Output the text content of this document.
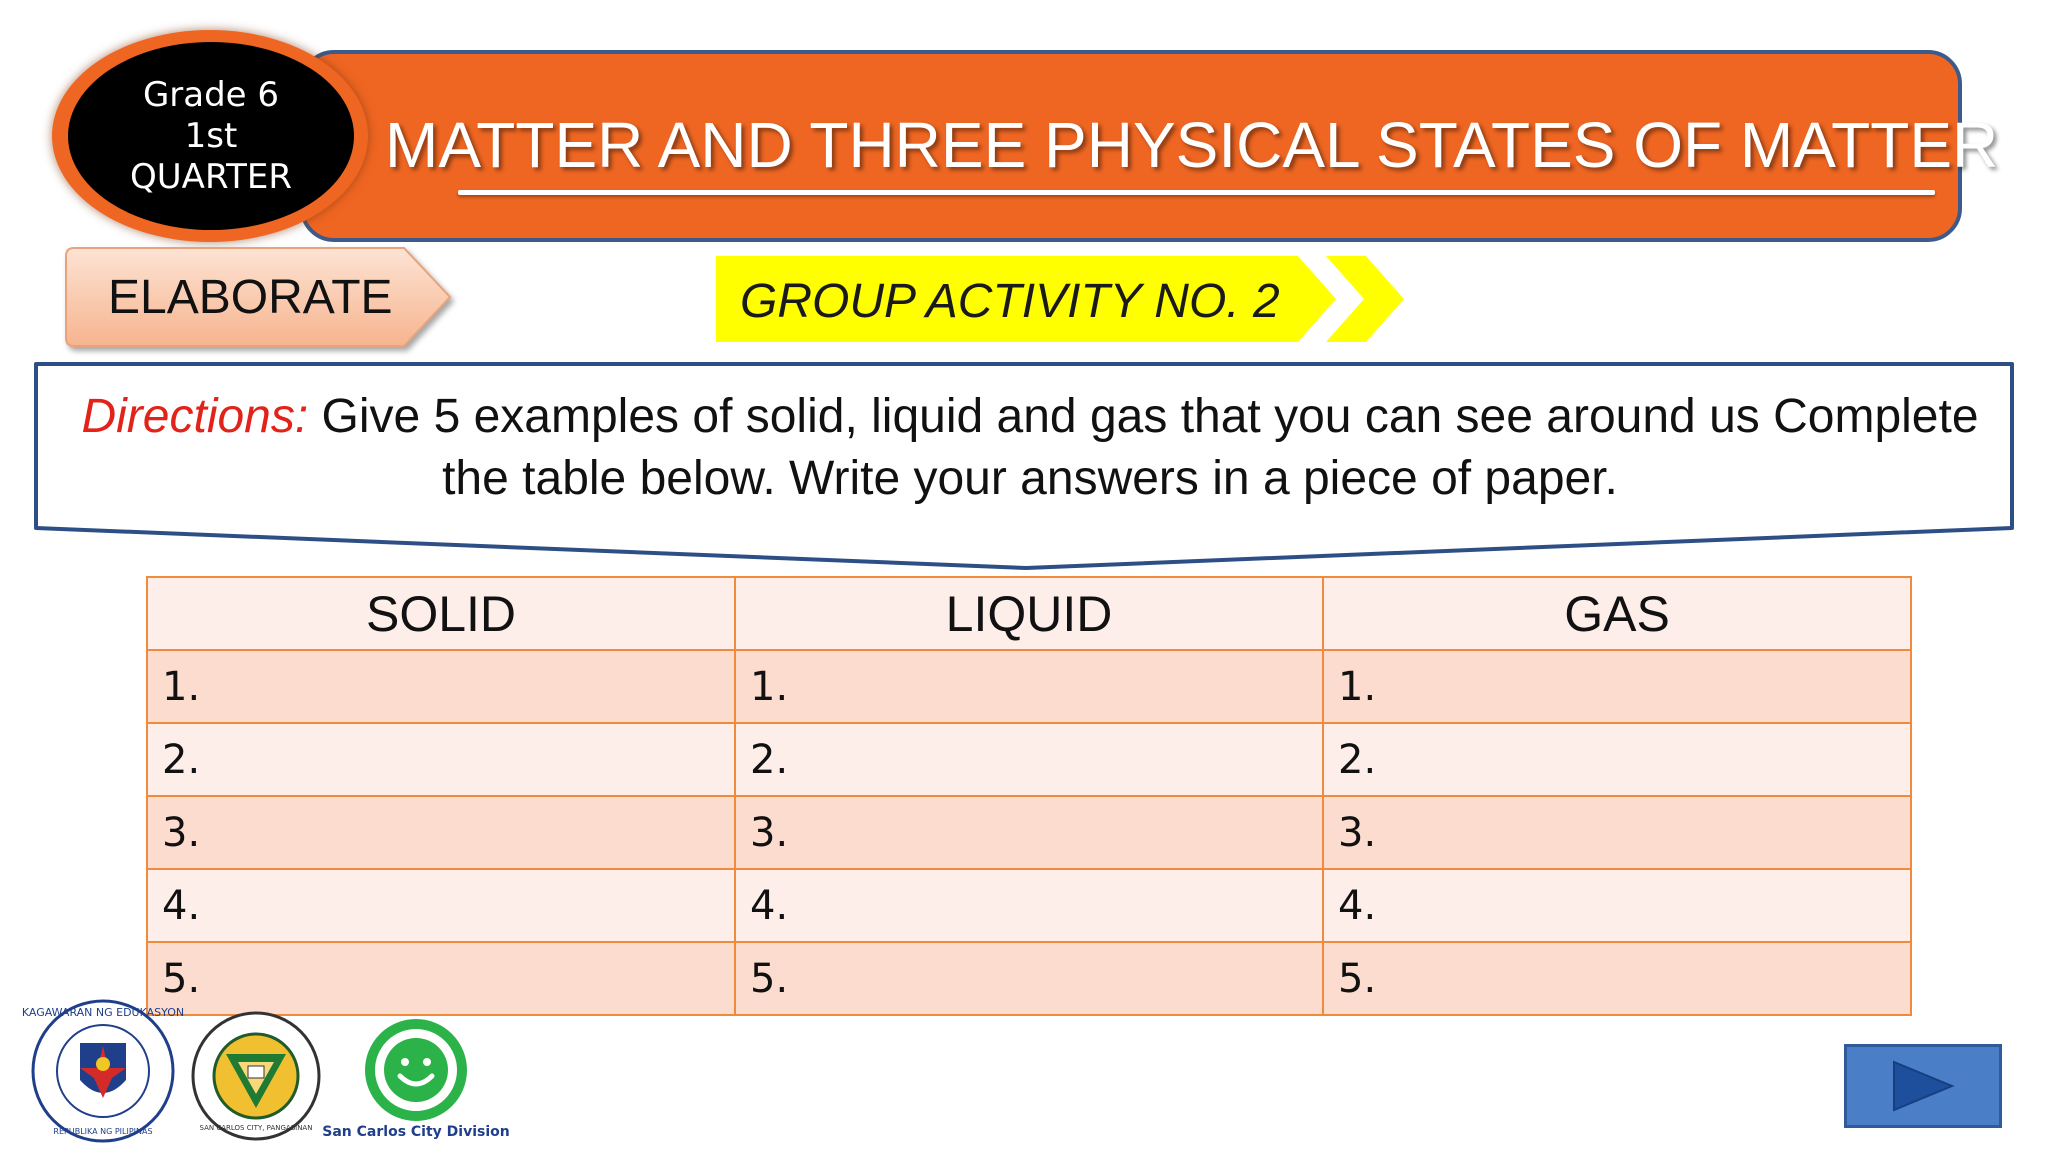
MATTER AND THREE PHYSICAL STATES OF MATTER
Grade 6
1st
QUARTER
ELABORATE	GROUP ACTIVITY NO. 2
Directions: Give 5 examples of solid, liquid and gas that you can see around us Complete the table below. Write your answers in a piece of paper.
SOLID	LIQUID	GAS
1.	1.	1.
2.	2.	2.
3.	3.	3.
4.	4.	4.
5.	5.	5.
KAGAWARAN NG EDUKASYON
REPUBLIKA NG PILIPINAS	SAN CARLOS CITY, PANGASINAN San Carlos City Division
